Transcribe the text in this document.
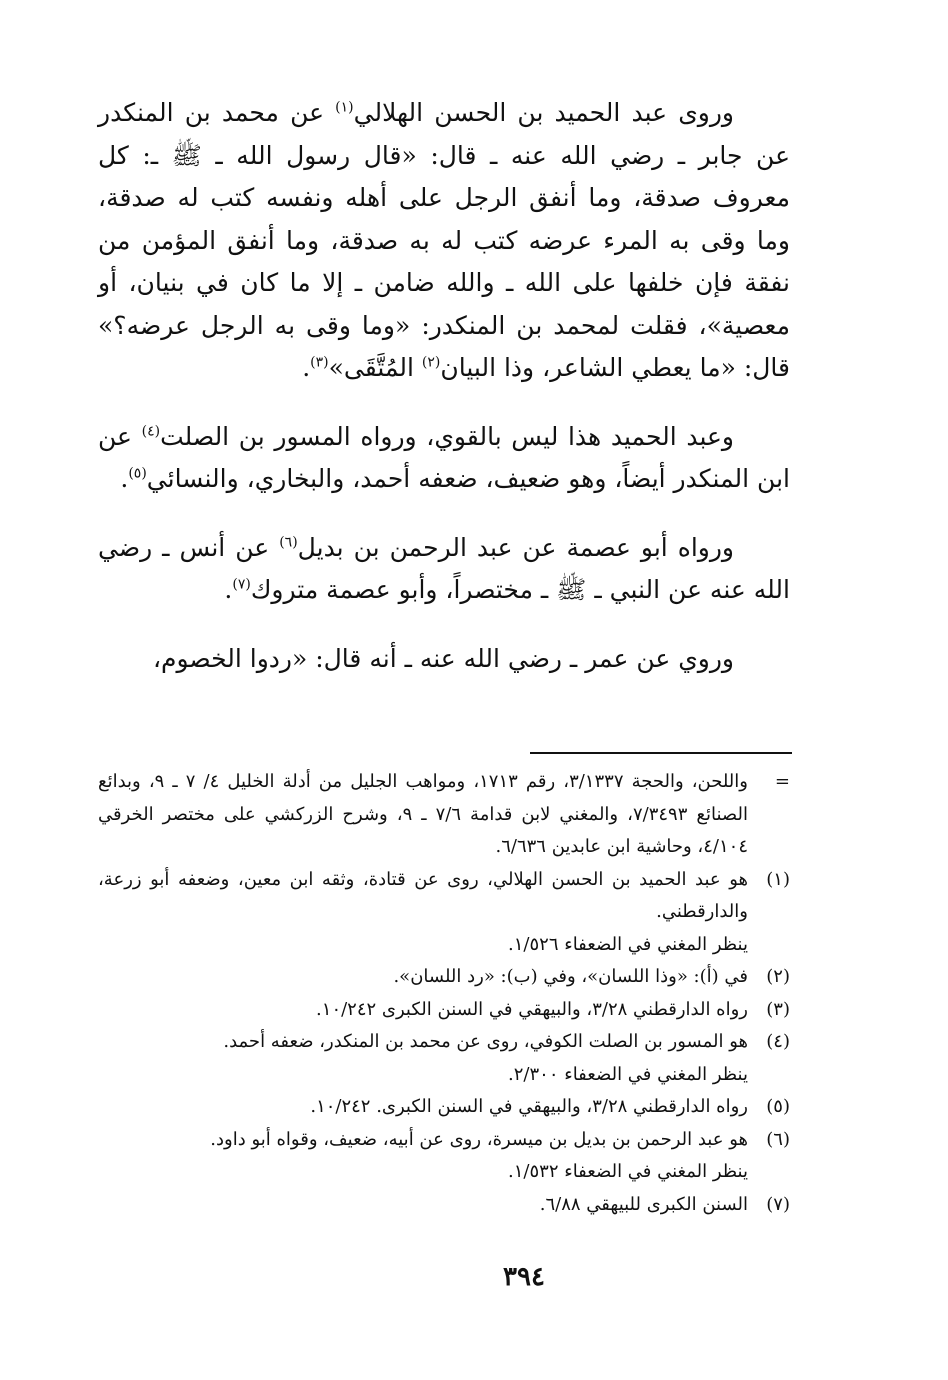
وروى عبد الحميد بن الحسن الهلالي$^{(١)}$ عن محمد بن المنكدر عن جابر ـ رضي الله عنه ـ قال: «قال رسول الله ـ ﷺ ـ: كل معروف صدقة، وما أنفق الرجل على أهله ونفسه كتب له صدقة، وما وقى به المرء عرضه كتب له به صدقة، وما أنفق المؤمن من نفقة فإن خلفها على الله ـ والله ضامن ـ إلا ما كان في بنيان، أو معصية»، فقلت لمحمد بن المنكدر: «وما وقى به الرجل عرضه؟» قال: «ما يعطي الشاعر، وذا البيان$^{(٢)}$ المُتَّقَى»$^{(٣)}$.

وعبد الحميد هذا ليس بالقوي، ورواه المسور بن الصلت$^{(٤)}$ عن ابن المنكدر أيضاً، وهو ضعيف، ضعفه أحمد، والبخاري، والنسائي$^{(٥)}$.

ورواه أبو عصمة عن عبد الرحمن بن بديل$^{(٦)}$ عن أنس ـ رضي الله عنه عن النبي ـ ﷺ ـ مختصراً، وأبو عصمة متروك$^{(٧)}$.

وروي عن عمر ـ رضي الله عنه ـ أنه قال: «ردوا الخصوم،

=
واللحن، والحجة ٣/١٣٣٧، رقم ١٧١٣، ومواهب الجليل من أدلة الخليل ٤/ ٧ ـ ٩، وبدائع الصنائع ٧/٣٤٩٣، والمغني لابن قدامة ٧/٦ ـ ٩، وشرح الزركشي على مختصر الخرقي ٤/١٠٤، وحاشية ابن عابدين ٦/٦٣٦.
(١)
هو عبد الحميد بن الحسن الهلالي، روى عن قتادة، وثقه ابن معين، وضعفه أبو زرعة، والدارقطني.
ينظر المغني في الضعفاء ١/٥٢٦.
(٢)
في (أ): «وذا اللسان»، وفي (ب): «رد اللسان».
(٣)
رواه الدارقطني ٣/٢٨، والبيهقي في السنن الكبرى ١٠/٢٤٢.
(٤)
هو المسور بن الصلت الكوفي، روى عن محمد بن المنكدر، ضعفه أحمد.
ينظر المغني في الضعفاء ٢/٣٠٠.
(٥)
رواه الدارقطني ٣/٢٨، والبيهقي في السنن الكبرى. ١٠/٢٤٢.
(٦)
هو عبد الرحمن بن بديل بن ميسرة، روى عن أبيه، ضعيف، وقواه أبو داود.
ينظر المغني في الضعفاء ١/٥٣٢.
(٧)
السنن الكبرى للبيهقي ٦/٨٨.
٣٩٤
